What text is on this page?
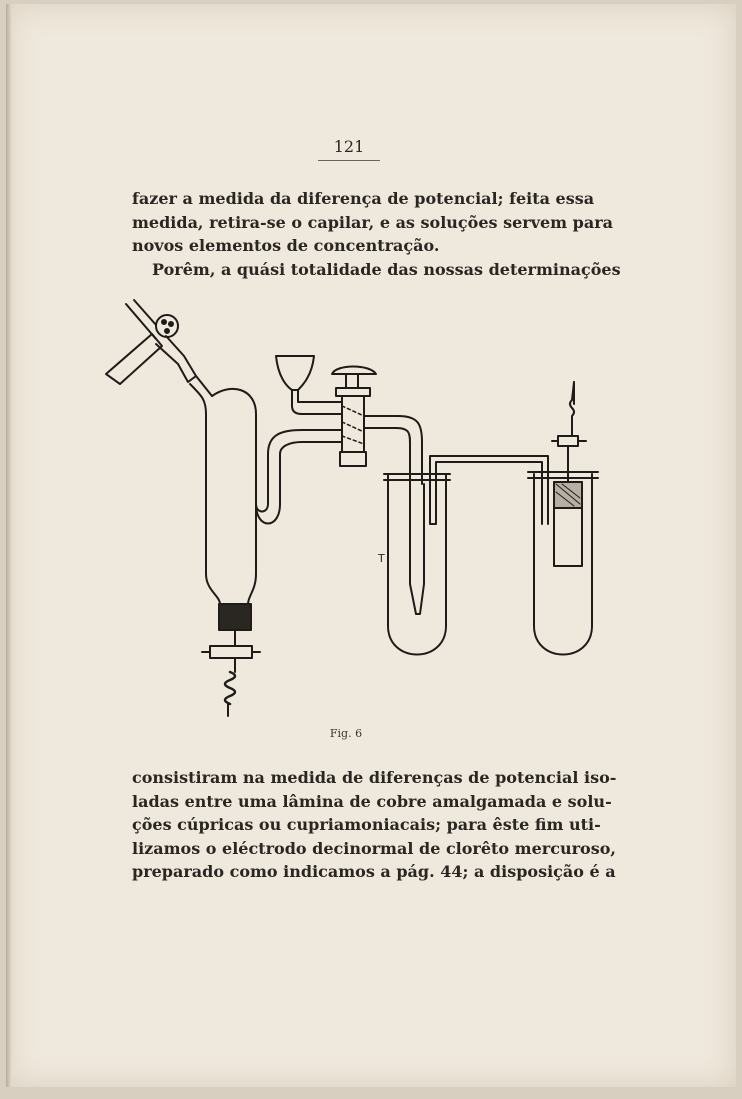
121
fazer a medida da diferença de potencial; feita essa
medida, retira-se o capilar, e as soluções servem para
novos elementos de concentração.
Porêm, a quási totalidade das nossas determinações
T
Fig. 6
consistiram na medida de diferenças de potencial iso-
ladas entre uma lâmina de cobre amalgamada e solu-
ções cúpricas ou cupriamoniacais; para êste fim uti-
lizamos o eléctrodo decinormal de clorêto mercuroso,
preparado como indicamos a pág. 44; a disposição é a
